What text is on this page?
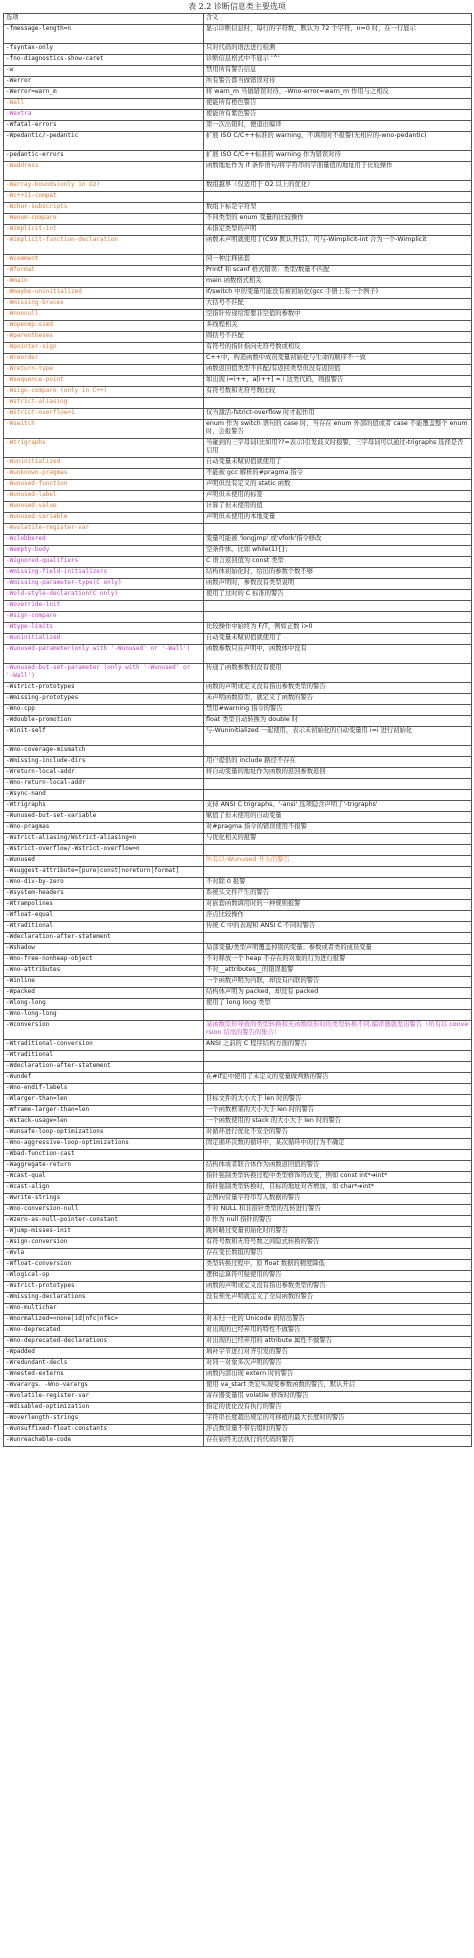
表 2.2 诊断信息类主要选项
选项	含义
-fmessage-length=n	显示诊断信息时，每行的字符数，默认为 72 个字符，n=0 时，在一行显示
-fsyntax-only	只对代码的语法进行检测
-fno-diagnostics-show-caret	诊断信息格式中不显示 '^'
-w	禁用所有警告信息
-Werror	所有警告都当做错误对待
-Werror=warn_m	将 warn_m 当做错误对待，-Wno-error=warn_m 作用与之相反
-Wall	使能所有橙色警告
-Wextra	使能所有紫色警告
-Wfatal-errors	第一次出错时，便退出编译
-Wpedantic/-pedantic	扩展 ISO C/C++标准的 warning，不调用时不报警(无相应的-wno-pedantic)
-pedantic-errors	扩展 ISO C/C++标准的 warning 作为错误对待
-Waddress	函数地址作为 if 条件语句/将字符串的字面量值的地址用于比较操作
-Warray-bounds(only in O2)	数组越界（仅适用于 O2 以上的优化）
-Wc++11-compat	
-Wchar-subscripts	数组下标是字符型
-Wenum-compare	不同类型的 enum 变量的比较操作
-Wimplicit-int	未指定类型的声明
-Wimplicit-function-declaration	函数未声明就使用了(C99 默认开启)，可与-Wimplicit-int 合为一个-Wimplicit
-Wcomment	同一种注释嵌套
-Wformat	Printf 和 scanf 格式错误：类型/数量不匹配
-Wmain	main 函数格式相关
-Wmaybe-uninitialized	If/switch 中的变量可能没有被初始化(gcc 手册上有一个例子)
-Wmissing-braces	大括号不匹配
-Wnonnull	空指针传递给需要非空值的参数中
-Wopenmp-simd	多线程相关
-Wparentheses	圆括号不匹配
-Wpointer-sign	有符号的指针指向无符号数或相反
-Wreorder	C++中，构造函数中成员变量初始化与生命的顺序不一致
-Wreturn-type	函数返回值类型不匹配/有返回类型但没有返回值
-Wsequence-point	如出现 i=i++，a[i++] = i 这类代码，则报警告
-Wsign-compare (only in C++)	有符号数和无符号数比较
-Wstrict-aliasing	
-Wstrict-overflow=1	仅当激活-fstrict-overflow 时才起作用
-Wswitch	enum 作为 switch 语句的 case 时，当存在 enum 外部的值或者 case 不能覆盖整个 enum 时，会报警告
-Wtrigraphs	当碰到的三字母词(比如用??=表示)引发歧义时报警，三字母词可以通过-trigraphs 选择是否启用
-Wuninitialized	自动变量未赋初值就使用了
-Wunknown-pragmas	不能被 gcc 解析的#pragma 指令
-Wunused-function	声明但没有定义的 static 函数
-Wunused-label	声明但未使用的标签
-Wunused-value	计算了但未使用的值
-Wunused-variable	声明但未使用的本地变量
-Wvolatile-register-var	
-Wclobbered	变量可能被 'longjmp' 或'vfork'指令修改
-Wempty-body	空条件体。比如 while(1){};
-Wignored-qualifiers	C 语言返回值为 const 类型
-Wmissing-field-initializers	结构体初始化时，给出的参数个数不够
-Wmissing-parameter-type(C only)	函数声明时，参数没有类型说明
-Wold-style-declaration(C only)	使用了过时的 C 标准的警告
-Woverride-init	
-Wsign-compare	
-Wtype-limits	比较操作中始终为 F/T，例如正数 i>0
-Wuninitialized	自动变量未赋初值就使用了
-Wunused-parameter(only with '-Wunused' or '-Wall')	函数参数只在声明中，函数体中没有
-Wunused-but-set-parameter (only with '-Wunused' or '-Wall')	传递了函数参数但没有使用
-Wstrict-prototypes	函数的声明或定义没有指出参数类型的警告
-Wmissing-prototypes	未声明函数原型，就定义了函数的警告
-Wno-cpp	禁用#warning 指令的警告
-Wdouble-promotion	float 类型自动转换为 double 时
-Winit-self	与-Wuninitialized 一起使用，表示未初始化的自动变量用 i=i 进行初始化
-Wno-coverage-mismatch	
-Wmissing-include-dirs	用户提供的 include 路径不存在
-Wreturn-local-addr	将自动变量的地址作为函数的返回参数返回
-Wno-return-local-addr	
-Wsync-nand	
-Wtrigraphs	支持 ANSI C trigraphs。'-ansi' 选项隐含声明了'-trigraphs'
-Wunused-but-set-variable	赋值了但未使用的自动变量
-Wno-pragmas	对#pragma 指令的错误使用不报警
-Wstrict-aliasing/Wstrict-aliasing=n	与优化相关的报警
-Wstrict-overflow/-Wstrict-overflow=n	
-Wunused	所有以-Wunused 开头的警告
-Wsuggest-attribute=[pure|const|noreturn|format]	
-Wno-div-by-zero	不对除 0 报警
-Wsystem-headers	系统头文件产生的警告
-Wtrampolines	对嵌套函数调用时的一种规则报警
-Wfloat-equal	浮点比较操作
-Wtraditional	传统 C 中的表现和 ANSI C 不同时警告
-Wdeclaration-after-statement	
-Wshadow	局部变量/类型声明覆盖掉别的变量、参数或者类的成员变量
-Wno-free-nonheap-object	不对释放一个 heap 不存在的对象的行为进行报警
-Wno-attributes	不对__attributes__的错误报警
-Winline	一个函数声明为内联，却没有内联的警告
-Wpacked	结构体声明为 packed，却没有 packed
-Wlong-long	使用了 long long 类型
-Wno-long-long	
-Wconversion	某函数原形导致的类型转换和无函数原形时的类型转换不同,编译器就发出警告（所有以 conversion 结尾的警告的集合）
-Wtraditional-conversion	ANSI 之前的 C 程序结构方面的警告
-Wtraditional	
-Wdeclaration-after-statement	
-Wundef	在#if宏中使用了未定义的变量做判断的警告
-Wno-endif-labels	
-Wlarger-than=len	目标文件的大小大于 len 时的警告
-Wframe-larger-than=len	一个函数框架的大小大于 len 时的警告
-Wstack-usage=len	一个函数使用的 stack 的大小大于 len 时的警告
-Wunsafe-loop-optimizations	对循环进行优化不安全的警告
-Wno-aggressive-loop-optimizations	固定循环次数的循环中，某次循环中的行为不确定
-Wbad-function-cast	
-Waggregate-return	结构体或者联合体作为函数返回值的警告
-Wcast-qual	指针强制类型转换过程中类型修饰符改变，例如 const int*➔int*
-Wcast-align	指针强制类型转换时，目标的地址对齐增加，如 char*➔int*
-Wwrite-strings	企图向常量字符串写入数据的警告
-Wno-conversion-null	不对 NULL 和非指针类型的互转进行警告
-Wzero-as-null-pointer-constant	0 作为 null 指针的警告
-Wjump-misses-init	跳转略过变量初始化时的警告
-Wsign-conversion	有符号数和无符号数之间隐式转换的警告
-Wvla	存在变长数组的警告
-Wfloat-conversion	类型转换过程中，原 float 数据的精度降低
-Wlogical-op	逻辑运算符可疑使用的警告
-Wstrict-prototypes	函数的声明或定义没有指出参数类型的警告
-Wmissing-declarations	没有预先声明就定义了全局函数的警告
-Wno-multichar	
-Wnormalized=<none|id|nfc|nfkc>	对未归一化的 Unicode 码给出警告
-Wno-deprecated	对出现的已经弃用的特性不做警告
-Wno-deprecated-declarations	对出现的已经弃用的 attribute 属性不做警告
-Wpadded	填补字节进行对齐引发的警告
-Wredundant-decls	对同一对象多次声明的警告
-Wnested-externs	函数内部出现 extern 时的警告
-Wvarargs、-Wno-varargs	使用 va_start 类宏实现变参数函数的警告，默认开启
-Wvolatile-register-var	寄存器变量用 volatile 修饰时的警告
-Wdisabled-optimization	指定的优化没有执行的警告
-Woverlength-strings	字符串长度超出规定的可移植的最大长度时的警告
-Wunsuffixed-float-constants	浮点数常量不带后缀时的警告
-Wunreachable-code	存在始终无法执行的代码的警告
